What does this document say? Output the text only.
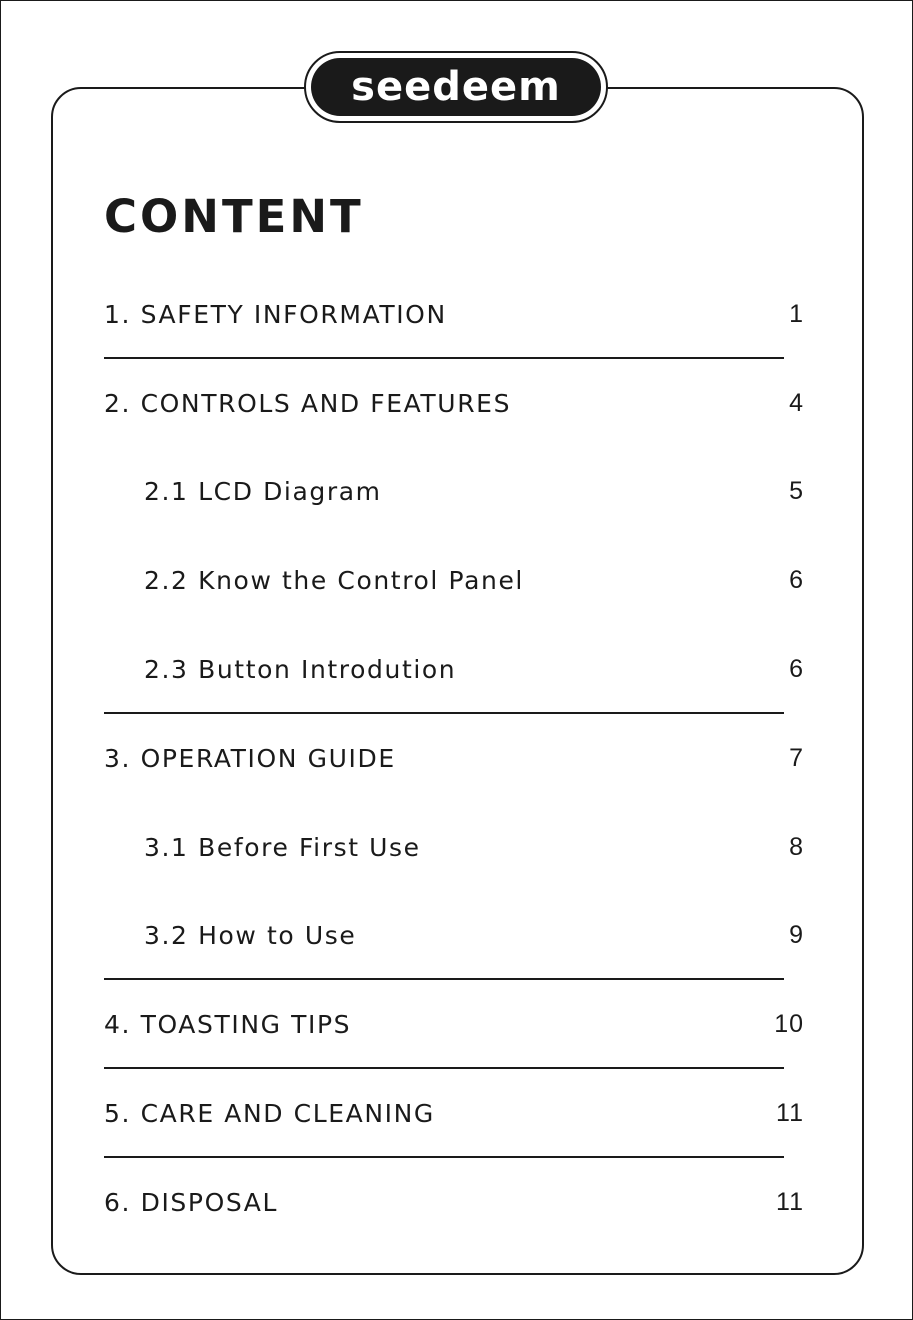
seedeem
CONTENT
1. SAFETY INFORMATION	1
2. CONTROLS AND FEATURES	4
2.1 LCD Diagram	5
2.2 Know the Control Panel	6
2.3 Button Introdution	6
3. OPERATION GUIDE	7
3.1 Before First Use	8
3.2 How to Use	9
4. TOASTING TIPS	10
5. CARE AND CLEANING	11
6. DISPOSAL	11
